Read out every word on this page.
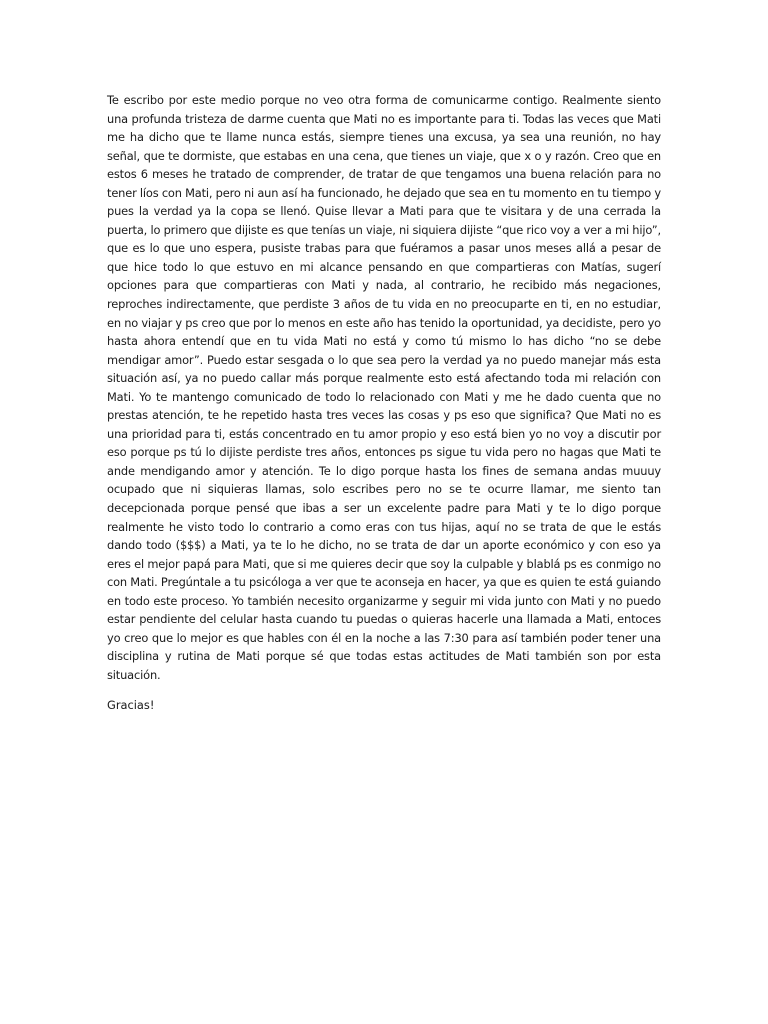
Te escribo por este medio porque no veo otra forma de comunicarme contigo. Realmente siento una profunda tristeza de darme cuenta que Mati no es importante para ti. Todas las veces que Mati me ha dicho que te llame nunca estás, siempre tienes una excusa, ya sea una reunión, no hay señal, que te dormiste, que estabas en una cena, que tienes un viaje, que x o y razón. Creo que en estos 6 meses he tratado de comprender, de tratar de que tengamos una buena relación para no tener líos con Mati, pero ni aun así ha funcionado, he dejado que sea en tu momento en tu tiempo y pues la verdad ya la copa se llenó. Quise llevar a Mati para que te visitara y de una cerrada la puerta, lo primero que dijiste es que tenías un viaje, ni siquiera dijiste “que rico voy a ver a mi hijo”, que es lo que uno espera, pusiste trabas para que fuéramos a pasar unos meses allá a pesar de que hice todo lo que estuvo en mi alcance pensando en que compartieras con Matías, sugerí opciones para que compartieras con Mati y nada, al contrario, he recibido más negaciones, reproches indirectamente, que perdiste 3 años de tu vida en no preocuparte en ti, en no estudiar, en no viajar y ps creo que por lo menos en este año has tenido la oportunidad, ya decidiste, pero yo hasta ahora entendí que en tu vida Mati no está y como tú mismo lo has dicho “no se debe mendigar amor”. Puedo estar sesgada o lo que sea pero la verdad ya no puedo manejar más esta situación así, ya no puedo callar más porque realmente esto está afectando toda mi relación con Mati. Yo te mantengo comunicado de todo lo relacionado con Mati y me he dado cuenta que no prestas atención, te he repetido hasta tres veces las cosas y ps eso que significa? Que Mati no es una prioridad para ti, estás concentrado en tu amor propio y eso está bien yo no voy a discutir por eso porque ps tú lo dijiste perdiste tres años, entonces ps sigue tu vida pero no hagas que Mati te ande mendigando amor y atención. Te lo digo porque hasta los fines de semana andas muuuy ocupado que ni siquieras llamas, solo escribes pero no se te ocurre llamar, me siento tan decepcionada porque pensé que ibas a ser un excelente padre para Mati y te lo digo porque realmente he visto todo lo contrario a como eras con tus hijas, aquí no se trata de que le estás dando todo ($$$) a Mati, ya te lo he dicho, no se trata de dar un aporte económico y con eso ya eres el mejor papá para Mati, que si me quieres decir que soy la culpable y blablá ps es conmigo no con Mati. Pregúntale a tu psicóloga a ver que te aconseja en hacer, ya que es quien te está guiando en todo este proceso. Yo también necesito organizarme y seguir mi vida junto con Mati y no puedo estar pendiente del celular hasta cuando tu puedas o quieras hacerle una llamada a Mati, entoces yo creo que lo mejor es que hables con él en la noche a las 7:30 para así también poder tener una disciplina y rutina de Mati porque sé que todas estas actitudes de Mati también son por esta situación.

Gracias!
